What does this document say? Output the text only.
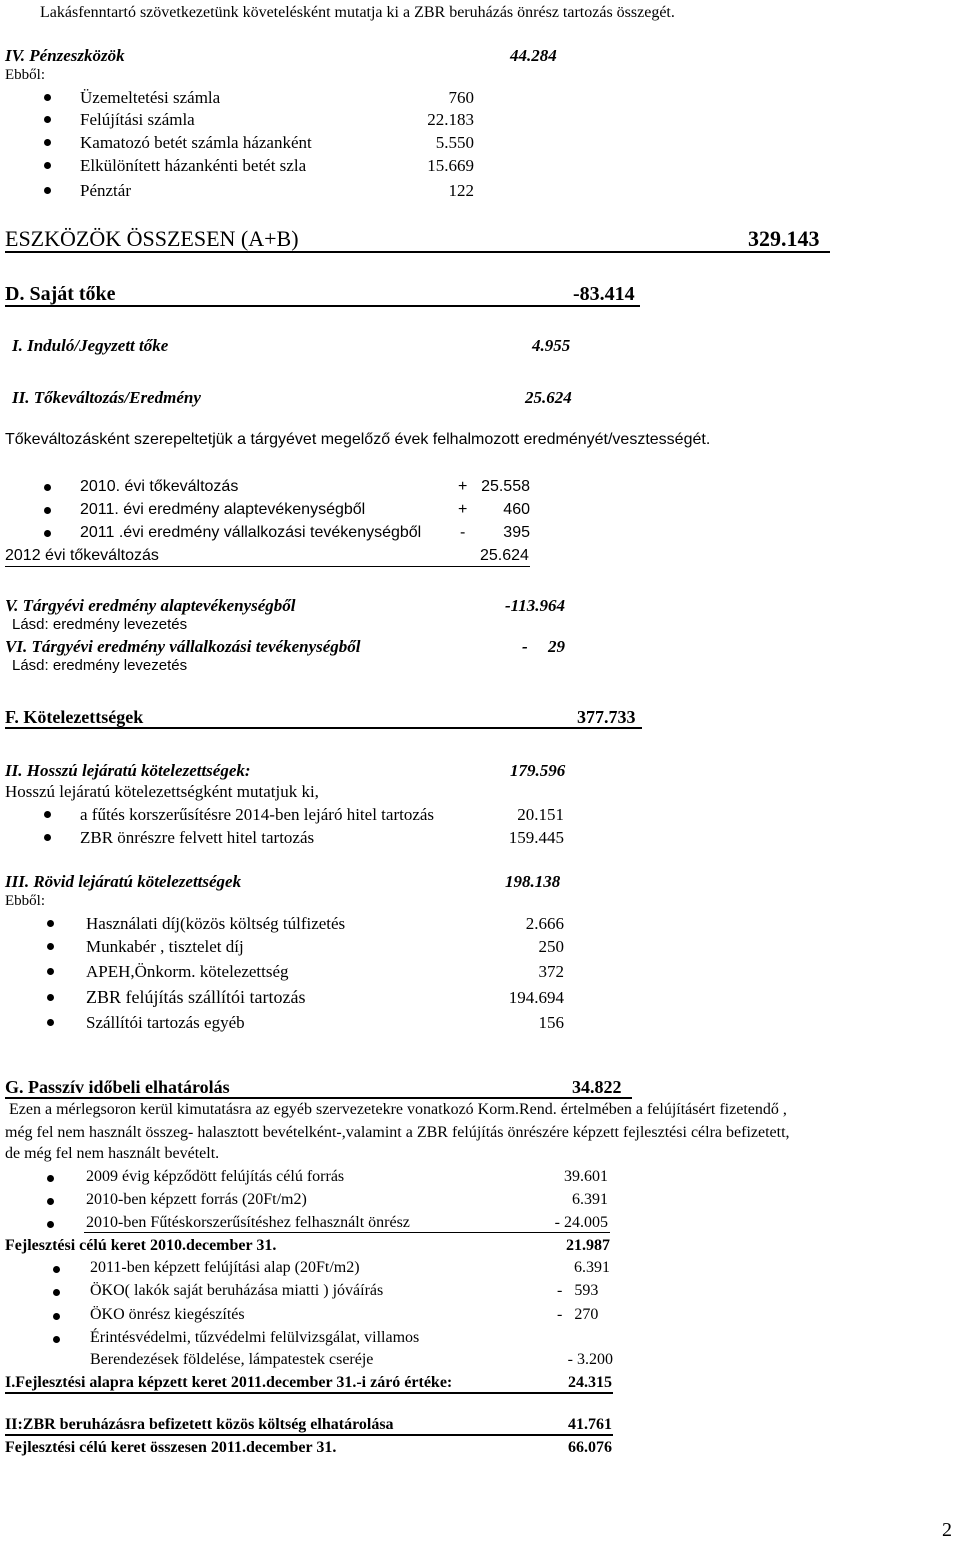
Lakásfenntartó szövetkezetünk követelésként mutatja ki a ZBR beruházás önrész tartozás összegét.
IV. Pénzeszközök	44.284
Ebből:
Üzemeltetési számla	760
Felújítási számla	22.183
Kamatozó betét számla házanként	5.550
Elkülönített házankénti betét szla	15.669
Pénztár	122
ESZKÖZÖK ÖSSZESEN (A+B)	329.143
D. Saját tőke	-83.414
I. Induló/Jegyzett tőke	4.955
II. Tőkeváltozás/Eredmény	25.624
Tőkeváltozásként szerepeltetjük a tárgyévet megelőző évek felhalmozott eredményét/vesztességét.
2010. évi tőkeváltozás	+ 25.558
2011. évi eredmény alaptevékenységből	+	460
2011 .évi eredmény vállalkozási tevékenységből -	395
2012 évi tőkeváltozás	25.624
V. Tárgyévi eredmény alaptevékenységből	-113.964
Lásd: eredmény levezetés
VI. Tárgyévi eredmény vállalkozási tevékenységből	- 29
Lásd: eredmény levezetés
F. Kötelezettségek	377.733
II. Hosszú lejáratú kötelezettségek:	179.596
Hosszú lejáratú kötelezettségként mutatjuk ki,
a fűtés korszerűsítésre 2014-ben lejáró hitel tartozás	20.151
ZBR önrészre felvett hitel tartozás	159.445
III. Rövid lejáratú kötelezettségek	198.138
Ebből:
Használati díj(közös költség túlfizetés	2.666
Munkabér , tisztelet díj	250
APEH,Önkorm. kötelezettség	372
ZBR felújítás szállítói tartozás	194.694
Szállítói tartozás egyéb	156
G. Passzív időbeli elhatárolás	34.822
Ezen a mérlegsoron kerül kimutatásra az egyéb szervezetekre vonatkozó Korm.Rend. értelmében a felújításért fizetendő ,
még fel nem használt összeg- halasztott bevételként-,valamint a ZBR felújítás önrészére képzett fejlesztési célra befizetett,
de még fel nem használt bevételt.
2009 évig képződött felújítás célú forrás	39.601
2010-ben képzett forrás (20Ft/m2)	6.391
2010-ben Fűtéskorszerűsítéshez felhasznált önrész	- 24.005
Fejlesztési célú keret 2010.december 31.	21.987
2011-ben képzett felújítási alap (20Ft/m2)	6.391
ÖKO( lakók saját beruházása miatti ) jóváírás	-   593
ÖKO önrész kiegészítés	-   270
Érintésvédelmi, tűzvédelmi felülvizsgálat, villamos
Berendezések földelése, lámpatestek cseréje	- 3.200
I.Fejlesztési alapra képzett keret 2011.december 31.-i záró értéke:	24.315
II:ZBR beruházásra befizetett közös költség elhatárolása	41.761
Fejlesztési célú keret összesen 2011.december 31.	66.076
2
